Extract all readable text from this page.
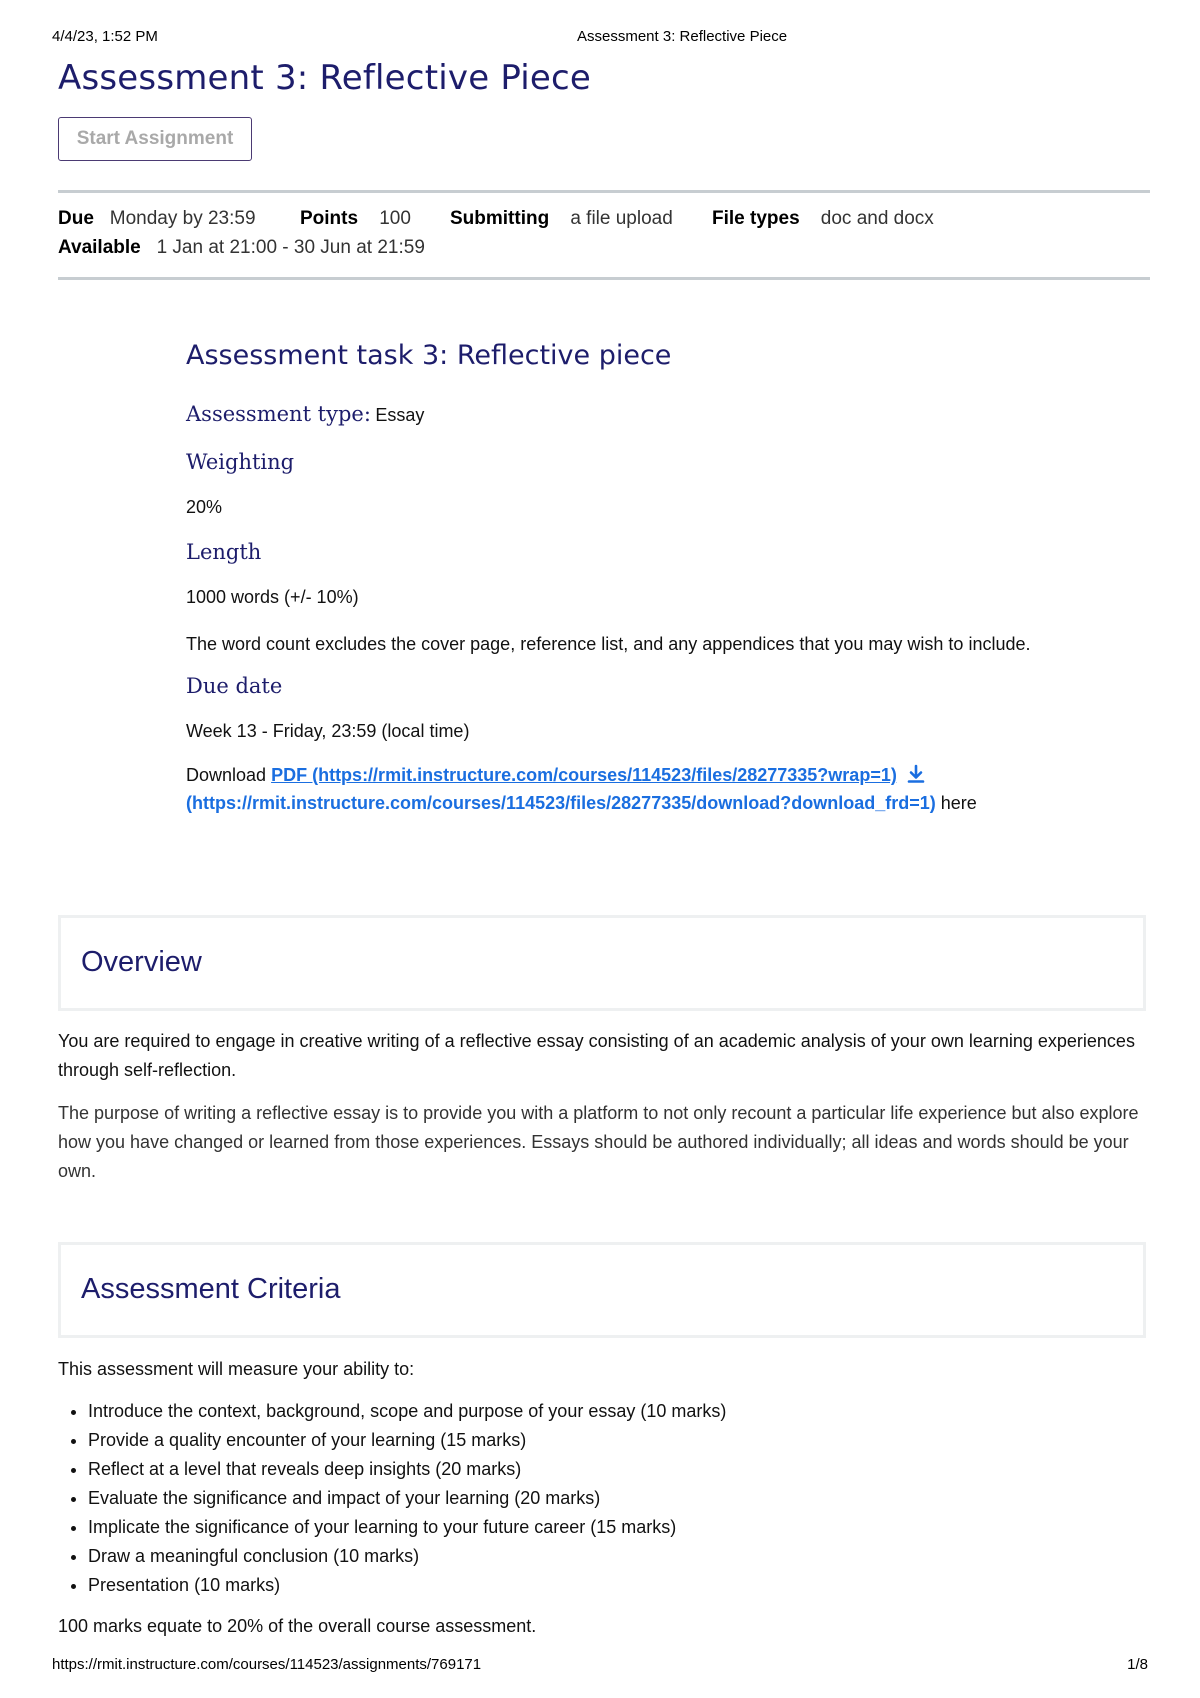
4/4/23, 1:52 PM	Assessment 3: Reflective Piece
Assessment 3: Reflective Piece
Start Assignment
Due Monday by 23:59 Points 100 Submitting a file upload File types doc and docx
Available 1 Jan at 21:00 - 30 Jun at 21:59
Assessment task 3: Reflective piece
Assessment type: Essay

Weighting

20%

Length

1000 words (+/- 10%)

The word count excludes the cover page, reference list, and any appendices that you may wish to include.

Due date

Week 13 - Friday, 23:59 (local time)

Download PDF (https://rmit.instructure.com/courses/114523/files/28277335?wrap=1)

(https://rmit.instructure.com/courses/114523/files/28277335/download?download_frd=1) here

Overview

You are required to engage in creative writing of a reflective essay consisting of an academic analysis of your own learning experiences through self-reflection.

The purpose of writing a reflective essay is to provide you with a platform to not only recount a particular life experience but also explore how you have changed or learned from those experiences. Essays should be authored individually; all ideas and words should be your own.

Assessment Criteria

This assessment will measure your ability to:

• Introduce the context, background, scope and purpose of your essay (10 marks)
• Provide a quality encounter of your learning (15 marks)
• Reflect at a level that reveals deep insights (20 marks)
• Evaluate the significance and impact of your learning (20 marks)
• Implicate the significance of your learning to your future career (15 marks)
• Draw a meaningful conclusion (10 marks)
• Presentation (10 marks)

100 marks equate to 20% of the overall course assessment.

https://rmit.instructure.com/courses/114523/assignments/769171	1/8
